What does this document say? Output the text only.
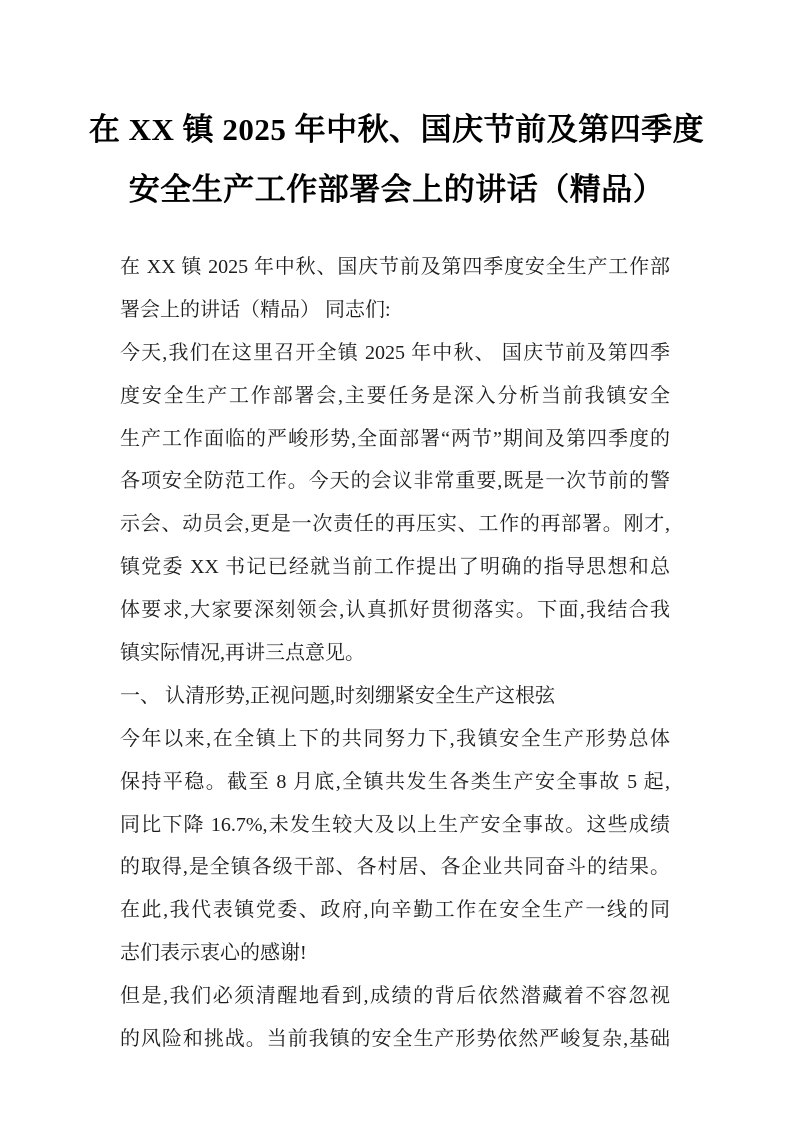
在 XX 镇 2025 年中秋、国庆节前及第四季度
安全生产工作部署会上的讲话（精品）
在 XX 镇 2025 年中秋、国庆节前及第四季度安全生产工作部
署会上的讲话（精品） 同志们:
今天,我们在这里召开全镇 2025 年中秋、 国庆节前及第四季
度安全生产工作部署会,主要任务是深入分析当前我镇安全
生产工作面临的严峻形势,全面部署“两节”期间及第四季度的
各项安全防范工作。今天的会议非常重要,既是一次节前的警
示会、动员会,更是一次责任的再压实、工作的再部署。刚才,
镇党委 XX 书记已经就当前工作提出了明确的指导思想和总
体要求,大家要深刻领会,认真抓好贯彻落实。下面,我结合我
镇实际情况,再讲三点意见。
一、 认清形势,正视问题,时刻绷紧安全生产这根弦
今年以来,在全镇上下的共同努力下,我镇安全生产形势总体
保持平稳。截至 8 月底,全镇共发生各类生产安全事故 5 起,
同比下降 16.7%,未发生较大及以上生产安全事故。这些成绩
的取得,是全镇各级干部、各村居、各企业共同奋斗的结果。
在此,我代表镇党委、政府,向辛勤工作在安全生产一线的同
志们表示衷心的感谢!
但是,我们必须清醒地看到,成绩的背后依然潜藏着不容忽视
的风险和挑战。当前我镇的安全生产形势依然严峻复杂,基础
